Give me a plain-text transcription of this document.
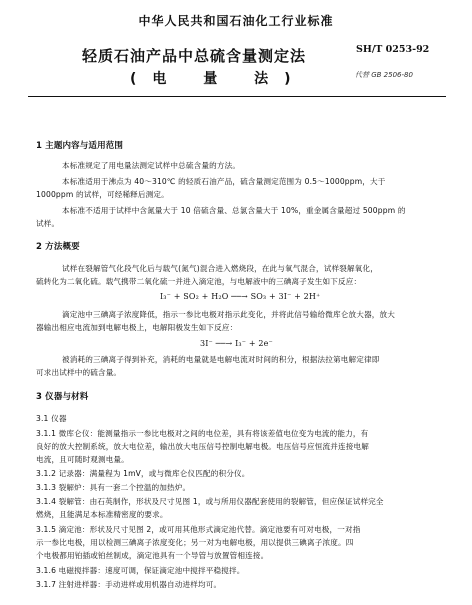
中华人民共和国石油化工行业标准
轻质石油产品中总硫含量测定法
(电 量 法)
SH/T 0253-92
代替 GB 2506-80
1 主题内容与适用范围
本标准规定了用电量法测定试样中总硫含量的方法。
本标准适用于沸点为 40～310℃ 的轻质石油产品，硫含量测定范围为 0.5～1000ppm，大于
1000ppm 的试样，可经稀释后测定。
本标准不适用于试样中含氮量大于 10 倍硫含量、总氯含量大于 10%，重金属含量超过 500ppm 的
试样。
2 方法概要
试样在裂解管气化段气化后与载气(氮气)混合进入燃烧段，在此与氧气混合，试样裂解氧化，
硫转化为二氧化硫。载气携带二氧化硫一并进入滴定池，与电解液中的三碘离子发生如下反应：
I₃⁻ + SO₂ + H₂O ──→ SO₃ + 3I⁻ + 2H⁺
滴定池中三碘离子浓度降低，指示一参比电极对指示此变化，并将此信号输给微库仑放大器，放大
器输出相应电流加到电解电极上，电解阳极发生如下反应：
3I⁻ ──→ I₃⁻ + 2e⁻
被消耗的三碘离子得到补充，消耗的电量就是电解电流对时间的积分，根据法拉第电解定律即
可求出试样中的硫含量。
3 仪器与材料
3.1 仪器
3.1.1 微库仑仪：能测量指示一参比电极对之间的电位差，具有将该差值电位变为电流的能力，有
良好的放大控制系统，放大电位差，输出放大电压信号控制电解电极。电压信号应恒流并连接电解
电流，且可随时观测电量。
3.1.2 记录器：满量程为 1mV，或与微库仑仪匹配的积分仪。
3.1.3 裂解炉：具有一套二个控温的加热炉。
3.1.4 裂解管：由石英制作，形状及尺寸见图 1，或与所用仪器配套使用的裂解管，但应保证试样完全
燃烧，且能满足本标准精密度的要求。
3.1.5 滴定池：形状及尺寸见图 2，或可用其他形式滴定池代替。滴定池要有可对电极，一对指
示一参比电极，用以检测三碘离子浓度变化；另一对为电解电极，用以提供三碘离子浓度。四
个电极都用铂插或铂丝制成，滴定池具有一个导管与放置管相连接。
3.1.6 电磁搅拌器：速度可调，保证滴定池中搅拌平稳搅拌。
3.1.7 注射进样器：手动进样或用机器自动进样均可。
